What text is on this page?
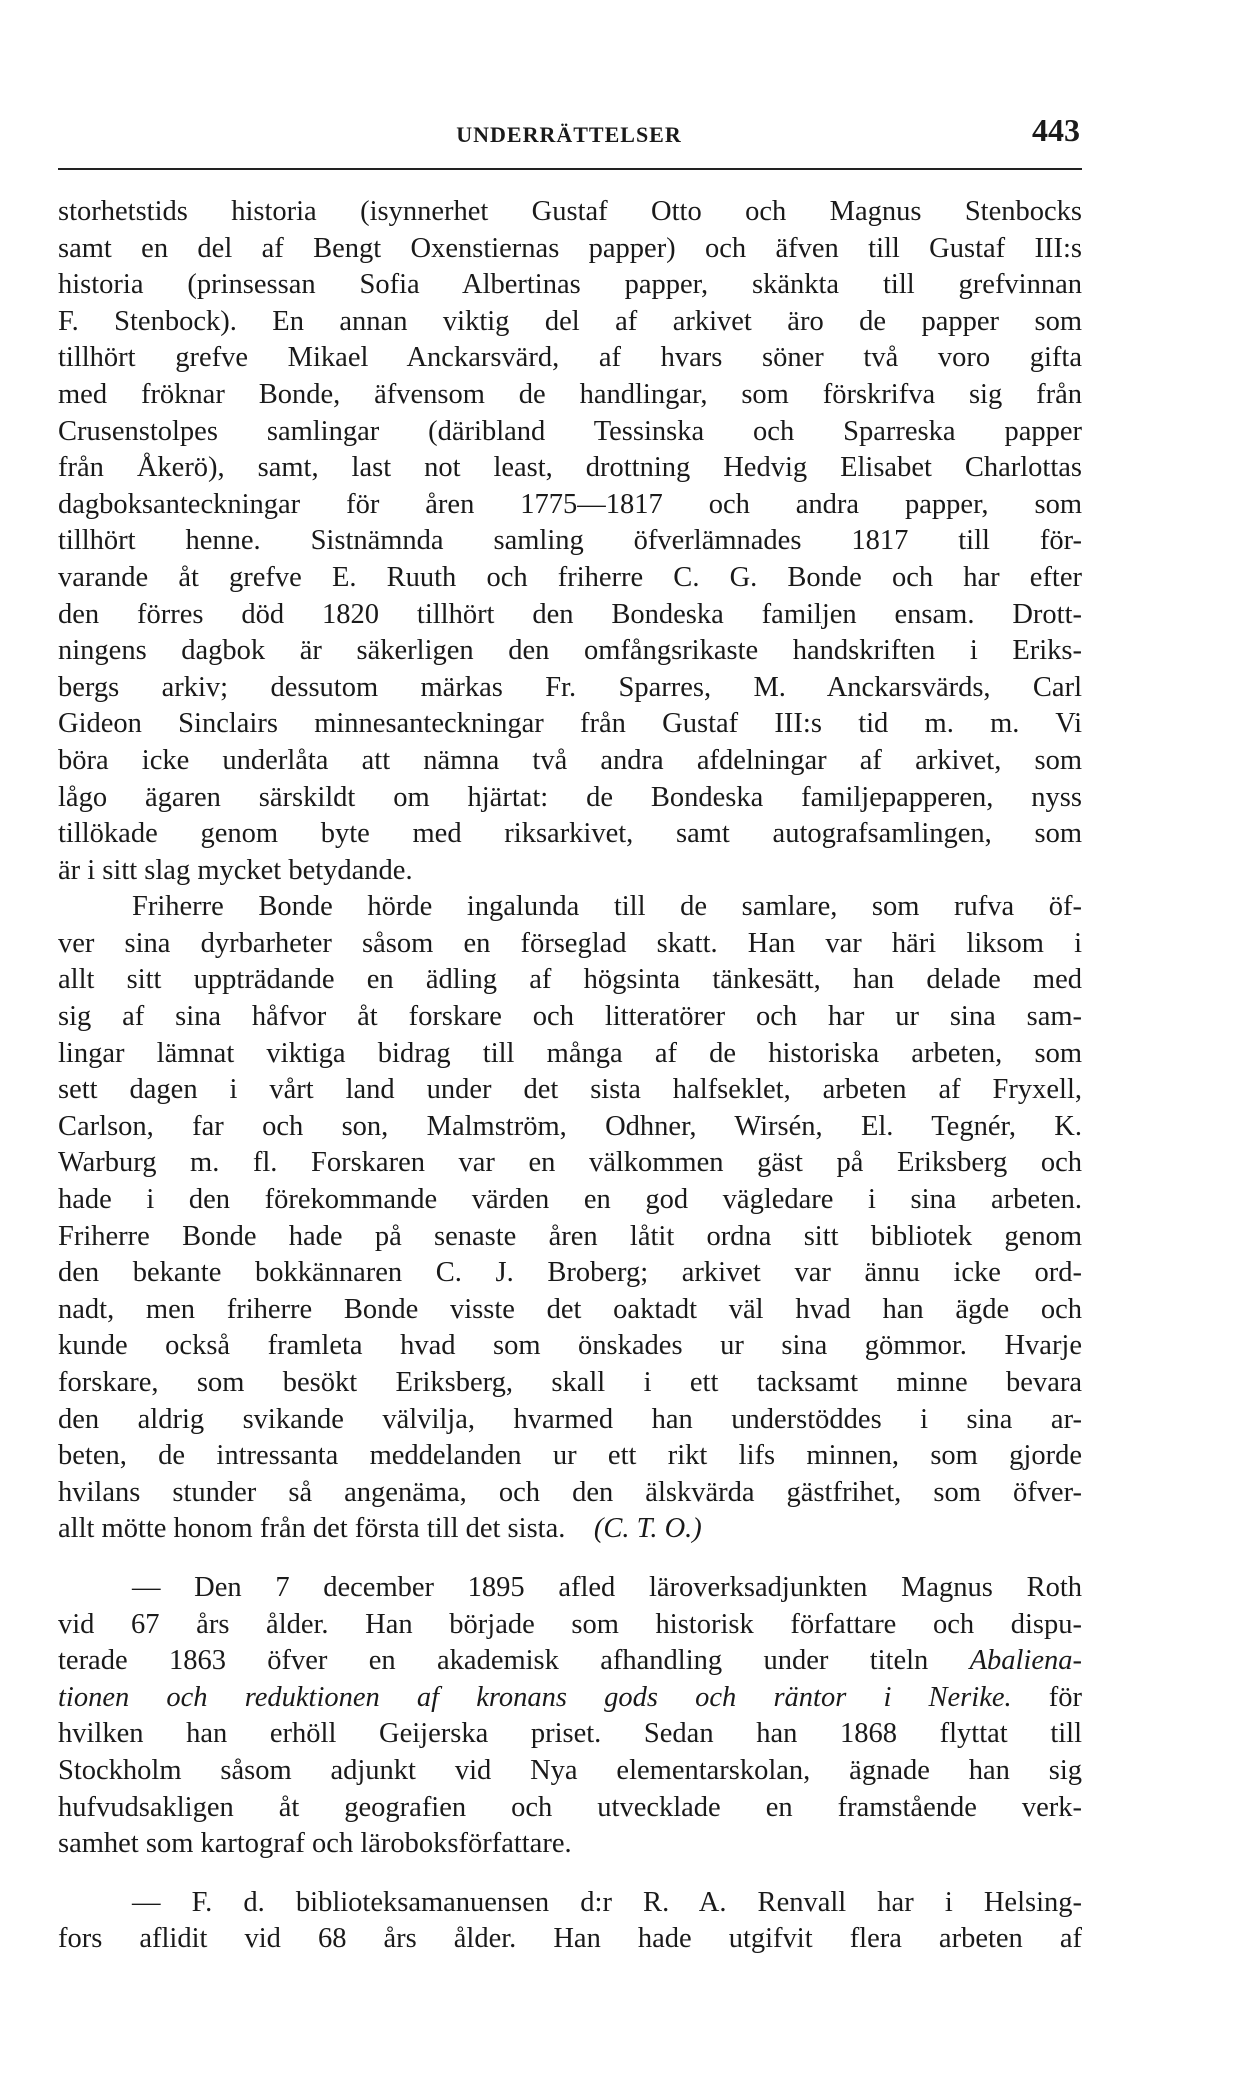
UNDERRÄTTELSER	443
storhetstids historia (isynnerhet Gustaf Otto och Magnus Stenbocks
samt en del af Bengt Oxenstiernas papper) och äfven till Gustaf III:s
historia (prinsessan Sofia Albertinas papper, skänkta till grefvinnan
F. Stenbock). En annan viktig del af arkivet äro de papper som
tillhört grefve Mikael Anckarsvärd, af hvars söner två voro gifta
med fröknar Bonde, äfvensom de handlingar, som förskrifva sig från
Crusenstolpes samlingar (däribland Tessinska och Sparreska papper
från Åkerö), samt, last not least, drottning Hedvig Elisabet Charlottas
dagboksanteckningar för åren 1775—1817 och andra papper, som
tillhört henne. Sistnämnda samling öfverlämnades 1817 till för-
varande åt grefve E. Ruuth och friherre C. G. Bonde och har efter
den förres död 1820 tillhört den Bondeska familjen ensam. Drott-
ningens dagbok är säkerligen den omfångsrikaste handskriften i Eriks-
bergs arkiv; dessutom märkas Fr. Sparres, M. Anckarsvärds, Carl
Gideon Sinclairs minnesanteckningar från Gustaf III:s tid m. m. Vi
böra icke underlåta att nämna två andra afdelningar af arkivet, som
lågo ägaren särskildt om hjärtat: de Bondeska familjepapperen, nyss
tillökade genom byte med riksarkivet, samt autografsamlingen, som
är i sitt slag mycket betydande.
Friherre Bonde hörde ingalunda till de samlare, som rufva öf-
ver sina dyrbarheter såsom en förseglad skatt. Han var häri liksom i
allt sitt uppträdande en ädling af högsinta tänkesätt, han delade med
sig af sina håfvor åt forskare och litteratörer och har ur sina sam-
lingar lämnat viktiga bidrag till många af de historiska arbeten, som
sett dagen i vårt land under det sista halfseklet, arbeten af Fryxell,
Carlson, far och son, Malmström, Odhner, Wirsén, El. Tegnér, K.
Warburg m. fl. Forskaren var en välkommen gäst på Eriksberg och
hade i den förekommande värden en god vägledare i sina arbeten.
Friherre Bonde hade på senaste åren låtit ordna sitt bibliotek genom
den bekante bokkännaren C. J. Broberg; arkivet var ännu icke ord-
nadt, men friherre Bonde visste det oaktadt väl hvad han ägde och
kunde också framleta hvad som önskades ur sina gömmor. Hvarje
forskare, som besökt Eriksberg, skall i ett tacksamt minne bevara
den aldrig svikande välvilja, hvarmed han understöddes i sina ar-
beten, de intressanta meddelanden ur ett rikt lifs minnen, som gjorde
hvilans stunder så angenäma, och den älskvärda gästfrihet, som öfver-
allt mötte honom från det första till det sista. (C. T. O.)
— Den 7 december 1895 afled läroverksadjunkten Magnus Roth
vid 67 års ålder. Han började som historisk författare och dispu-
terade 1863 öfver en akademisk afhandling under titeln Abaliena-
tionen och reduktionen af kronans gods och räntor i Nerike. för
hvilken han erhöll Geijerska priset. Sedan han 1868 flyttat till
Stockholm såsom adjunkt vid Nya elementarskolan, ägnade han sig
hufvudsakligen åt geografien och utvecklade en framstående verk-
samhet som kartograf och läroboksförfattare.
— F. d. biblioteksamanuensen d:r R. A. Renvall har i Helsing-
fors aflidit vid 68 års ålder. Han hade utgifvit flera arbeten af
